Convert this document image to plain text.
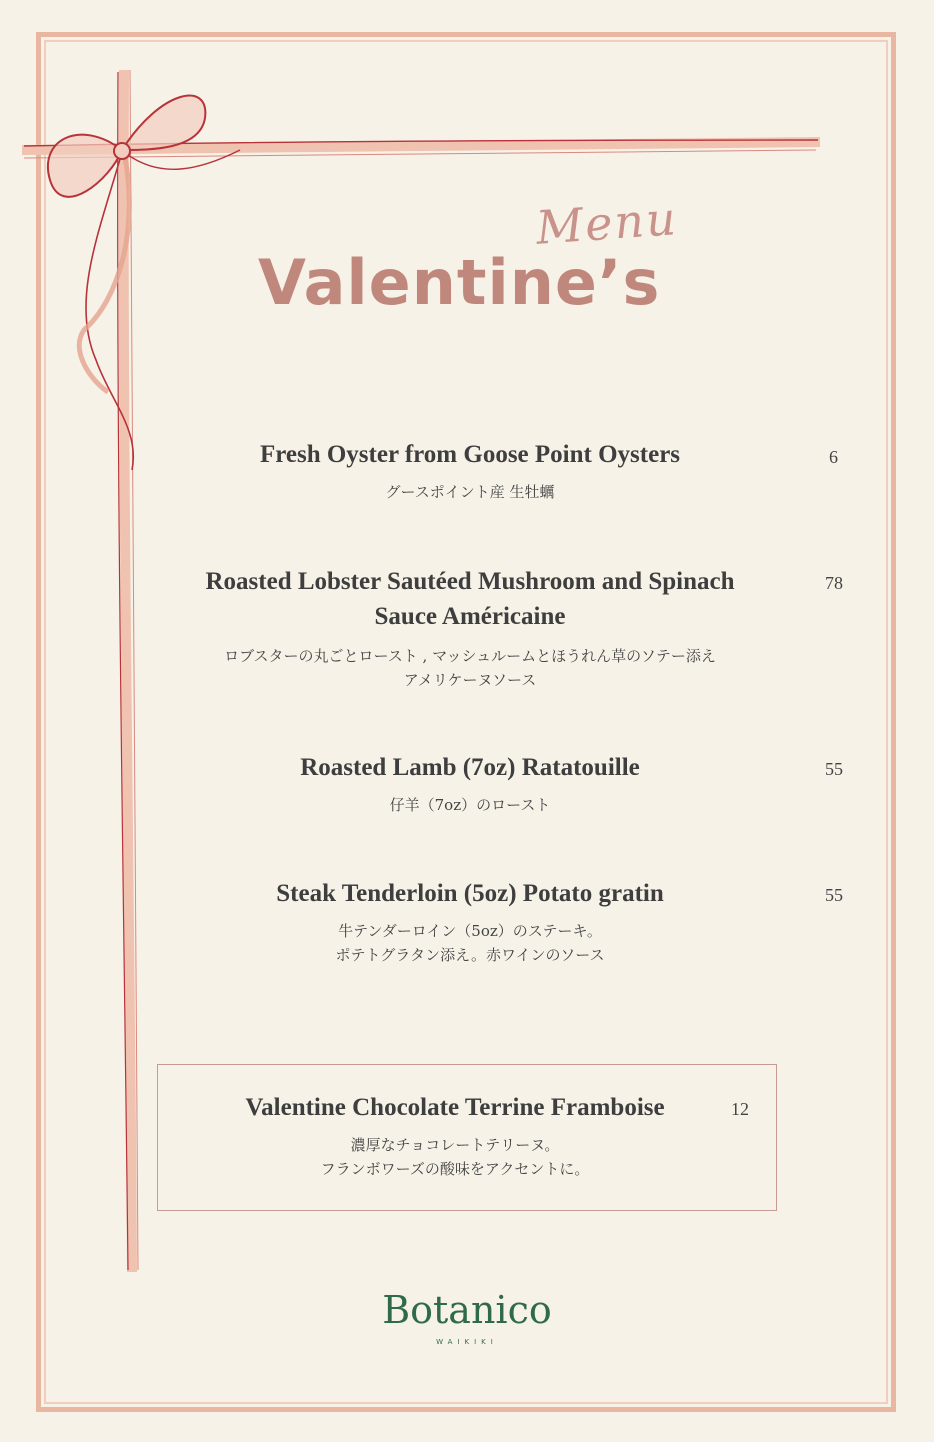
Menu
Valentine’s
Fresh Oyster from Goose Point Oysters
グースポイント産 生牡蠣
6
Roasted Lobster Sautéed Mushroom and Spinach
Sauce Américaine
ロブスターの丸ごとロースト , マッシュルームとほうれん草のソテー添え
アメリケーヌソース
78
Roasted Lamb (7oz) Ratatouille
仔羊（7oz）のロースト
55
Steak Tenderloin (5oz) Potato gratin
牛テンダーロイン（5oz）のステーキ。
ポテトグラタン添え。赤ワインのソース
55
Valentine Chocolate Terrine Framboise
濃厚なチョコレートテリーヌ。
フランボワーズの酸味をアクセントに。
12
Botanico
WAIKIKI
